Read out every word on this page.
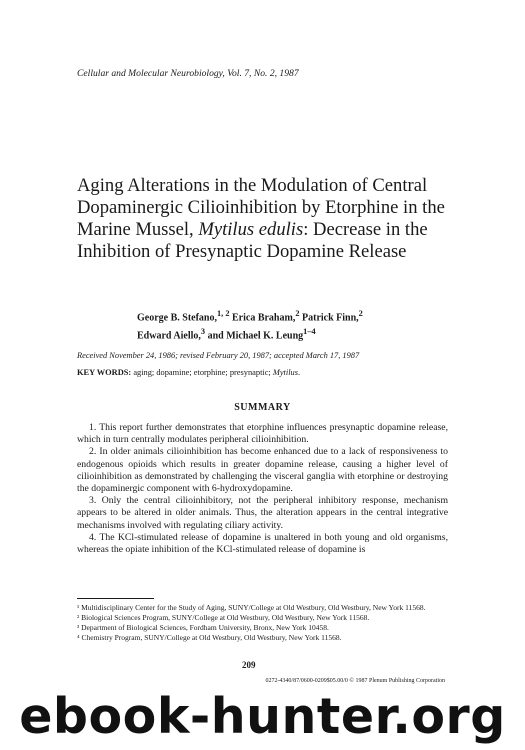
Cellular and Molecular Neurobiology, Vol. 7, No. 2, 1987
Aging Alterations in the Modulation of Central Dopaminergic Cilioinhibition by Etorphine in the Marine Mussel, Mytilus edulis: Decrease in the Inhibition of Presynaptic Dopamine Release
George B. Stefano,$^{1, 2}$ Erica Braham,$^2$ Patrick Finn,$^2$
Edward Aiello,$^3$ and Michael K. Leung$^{1-4}$
Received November 24, 1986; revised February 20, 1987; accepted March 17, 1987
KEY WORDS: aging; dopamine; etorphine; presynaptic; Mytilus.
SUMMARY

1. This report further demonstrates that etorphine influences presynaptic dopamine release, which in turn centrally modulates peripheral cilioinhibition.

2. In older animals cilioinhibition has become enhanced due to a lack of responsiveness to endogenous opioids which results in greater dopamine release, causing a higher level of cilioinhibition as demonstrated by challenging the visceral ganglia with etorphine or destroying the dopaminergic component with 6-hydroxydopamine.

3. Only the central cilioinhibitory, not the peripheral inhibitory response, mechanism appears to be altered in older animals. Thus, the alteration appears in the central integrative mechanisms involved with regulating ciliary activity.

4. The KCl-stimulated release of dopamine is unaltered in both young and old organisms, whereas the opiate inhibition of the KCl-stimulated release of dopamine is

¹ Multidisciplinary Center for the Study of Aging, SUNY/College at Old Westbury, Old Westbury, New York 11568.
² Biological Sciences Program, SUNY/College at Old Westbury, Old Westbury, New York 11568.
³ Department of Biological Sciences, Fordham University, Bronx, New York 10458.
⁴ Chemistry Program, SUNY/College at Old Westbury, Old Westbury, New York 11568.
209
0272-4340/87/0600-0209$05.00/0 © 1987 Plenum Publishing Corporation
ebook-hunter.org
